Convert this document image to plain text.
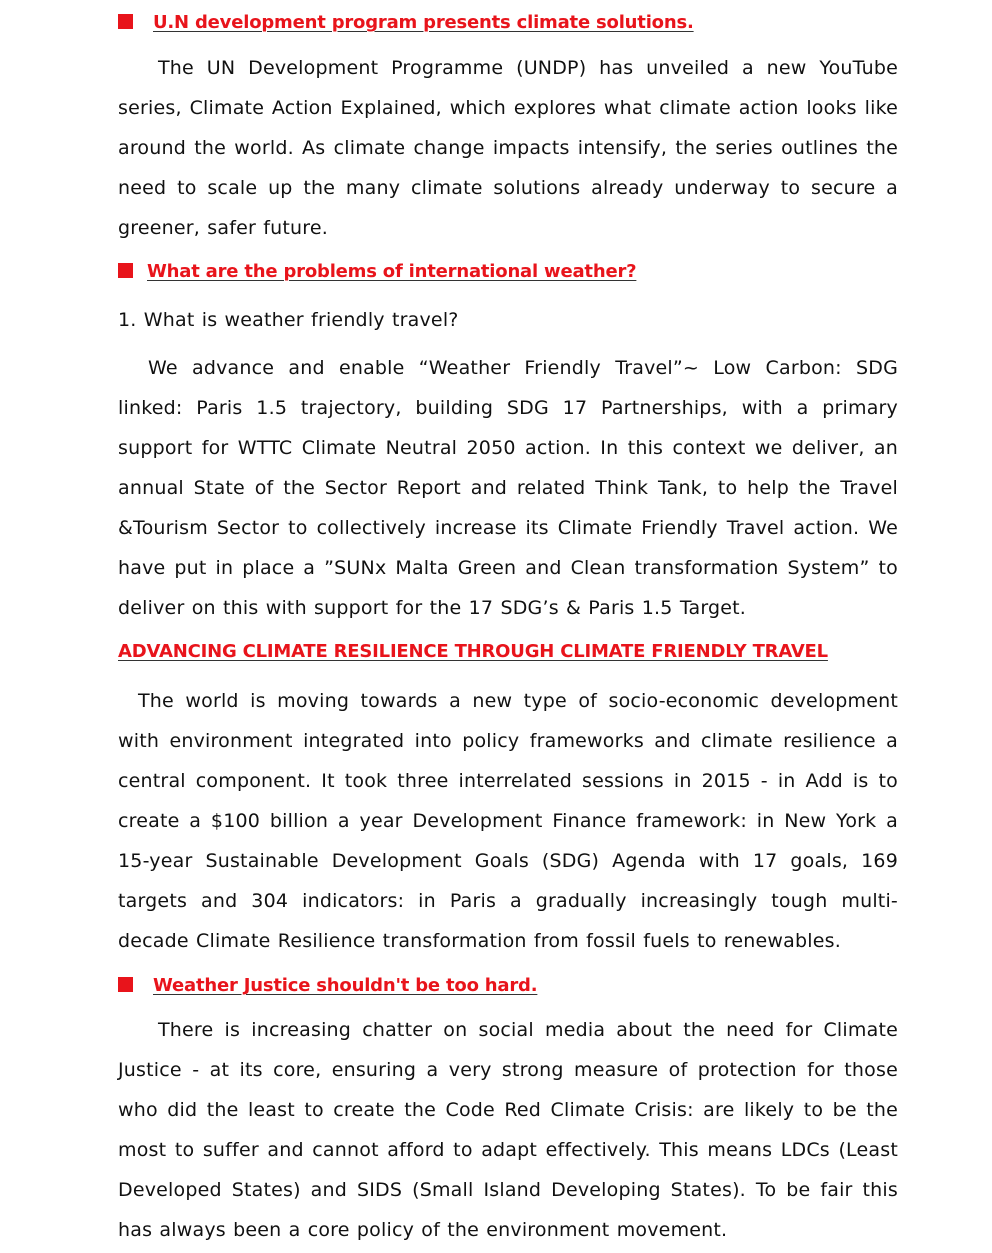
U.N development program presents climate solutions.

The UN Development Programme (UNDP) has unveiled a new YouTube series, Climate Action Explained, which explores what climate action looks like around the world. As climate change impacts intensify, the series outlines the need to scale up the many climate solutions already underway to secure a greener, safer future.

What are the problems of international weather?
1. What is weather friendly travel?

We advance and enable “Weather Friendly Travel”~ Low Carbon: SDG linked: Paris 1.5 trajectory, building SDG 17 Partnerships, with a primary support for WTTC Climate Neutral 2050 action. In this context we deliver, an annual State of the Sector Report and related Think Tank, to help the Travel &Tourism Sector to collectively increase its Climate Friendly Travel action. We have put in place a ”SUNx Malta Green and Clean transformation System” to deliver on this with support for the 17 SDG’s & Paris 1.5 Target.

ADVANCING CLIMATE RESILIENCE THROUGH CLIMATE FRIENDLY TRAVEL

The world is moving towards a new type of socio-economic development with environment integrated into policy frameworks and climate resilience a central component. It took three interrelated sessions in 2015 - in Add is to create a $100 billion a year Development Finance framework: in New York a 15-year Sustainable Development Goals (SDG) Agenda with 17 goals, 169 targets and 304 indicators: in Paris a gradually increasingly tough multi-decade Climate Resilience transformation from fossil fuels to renewables.

Weather Justice shouldn't be too hard.

There is increasing chatter on social media about the need for Climate Justice - at its core, ensuring a very strong measure of protection for those who did the least to create the Code Red Climate Crisis: are likely to be the most to suffer and cannot afford to adapt effectively. This means LDCs (Least Developed States) and SIDS (Small Island Developing States). To be fair this has always been a core policy of the environment movement.
